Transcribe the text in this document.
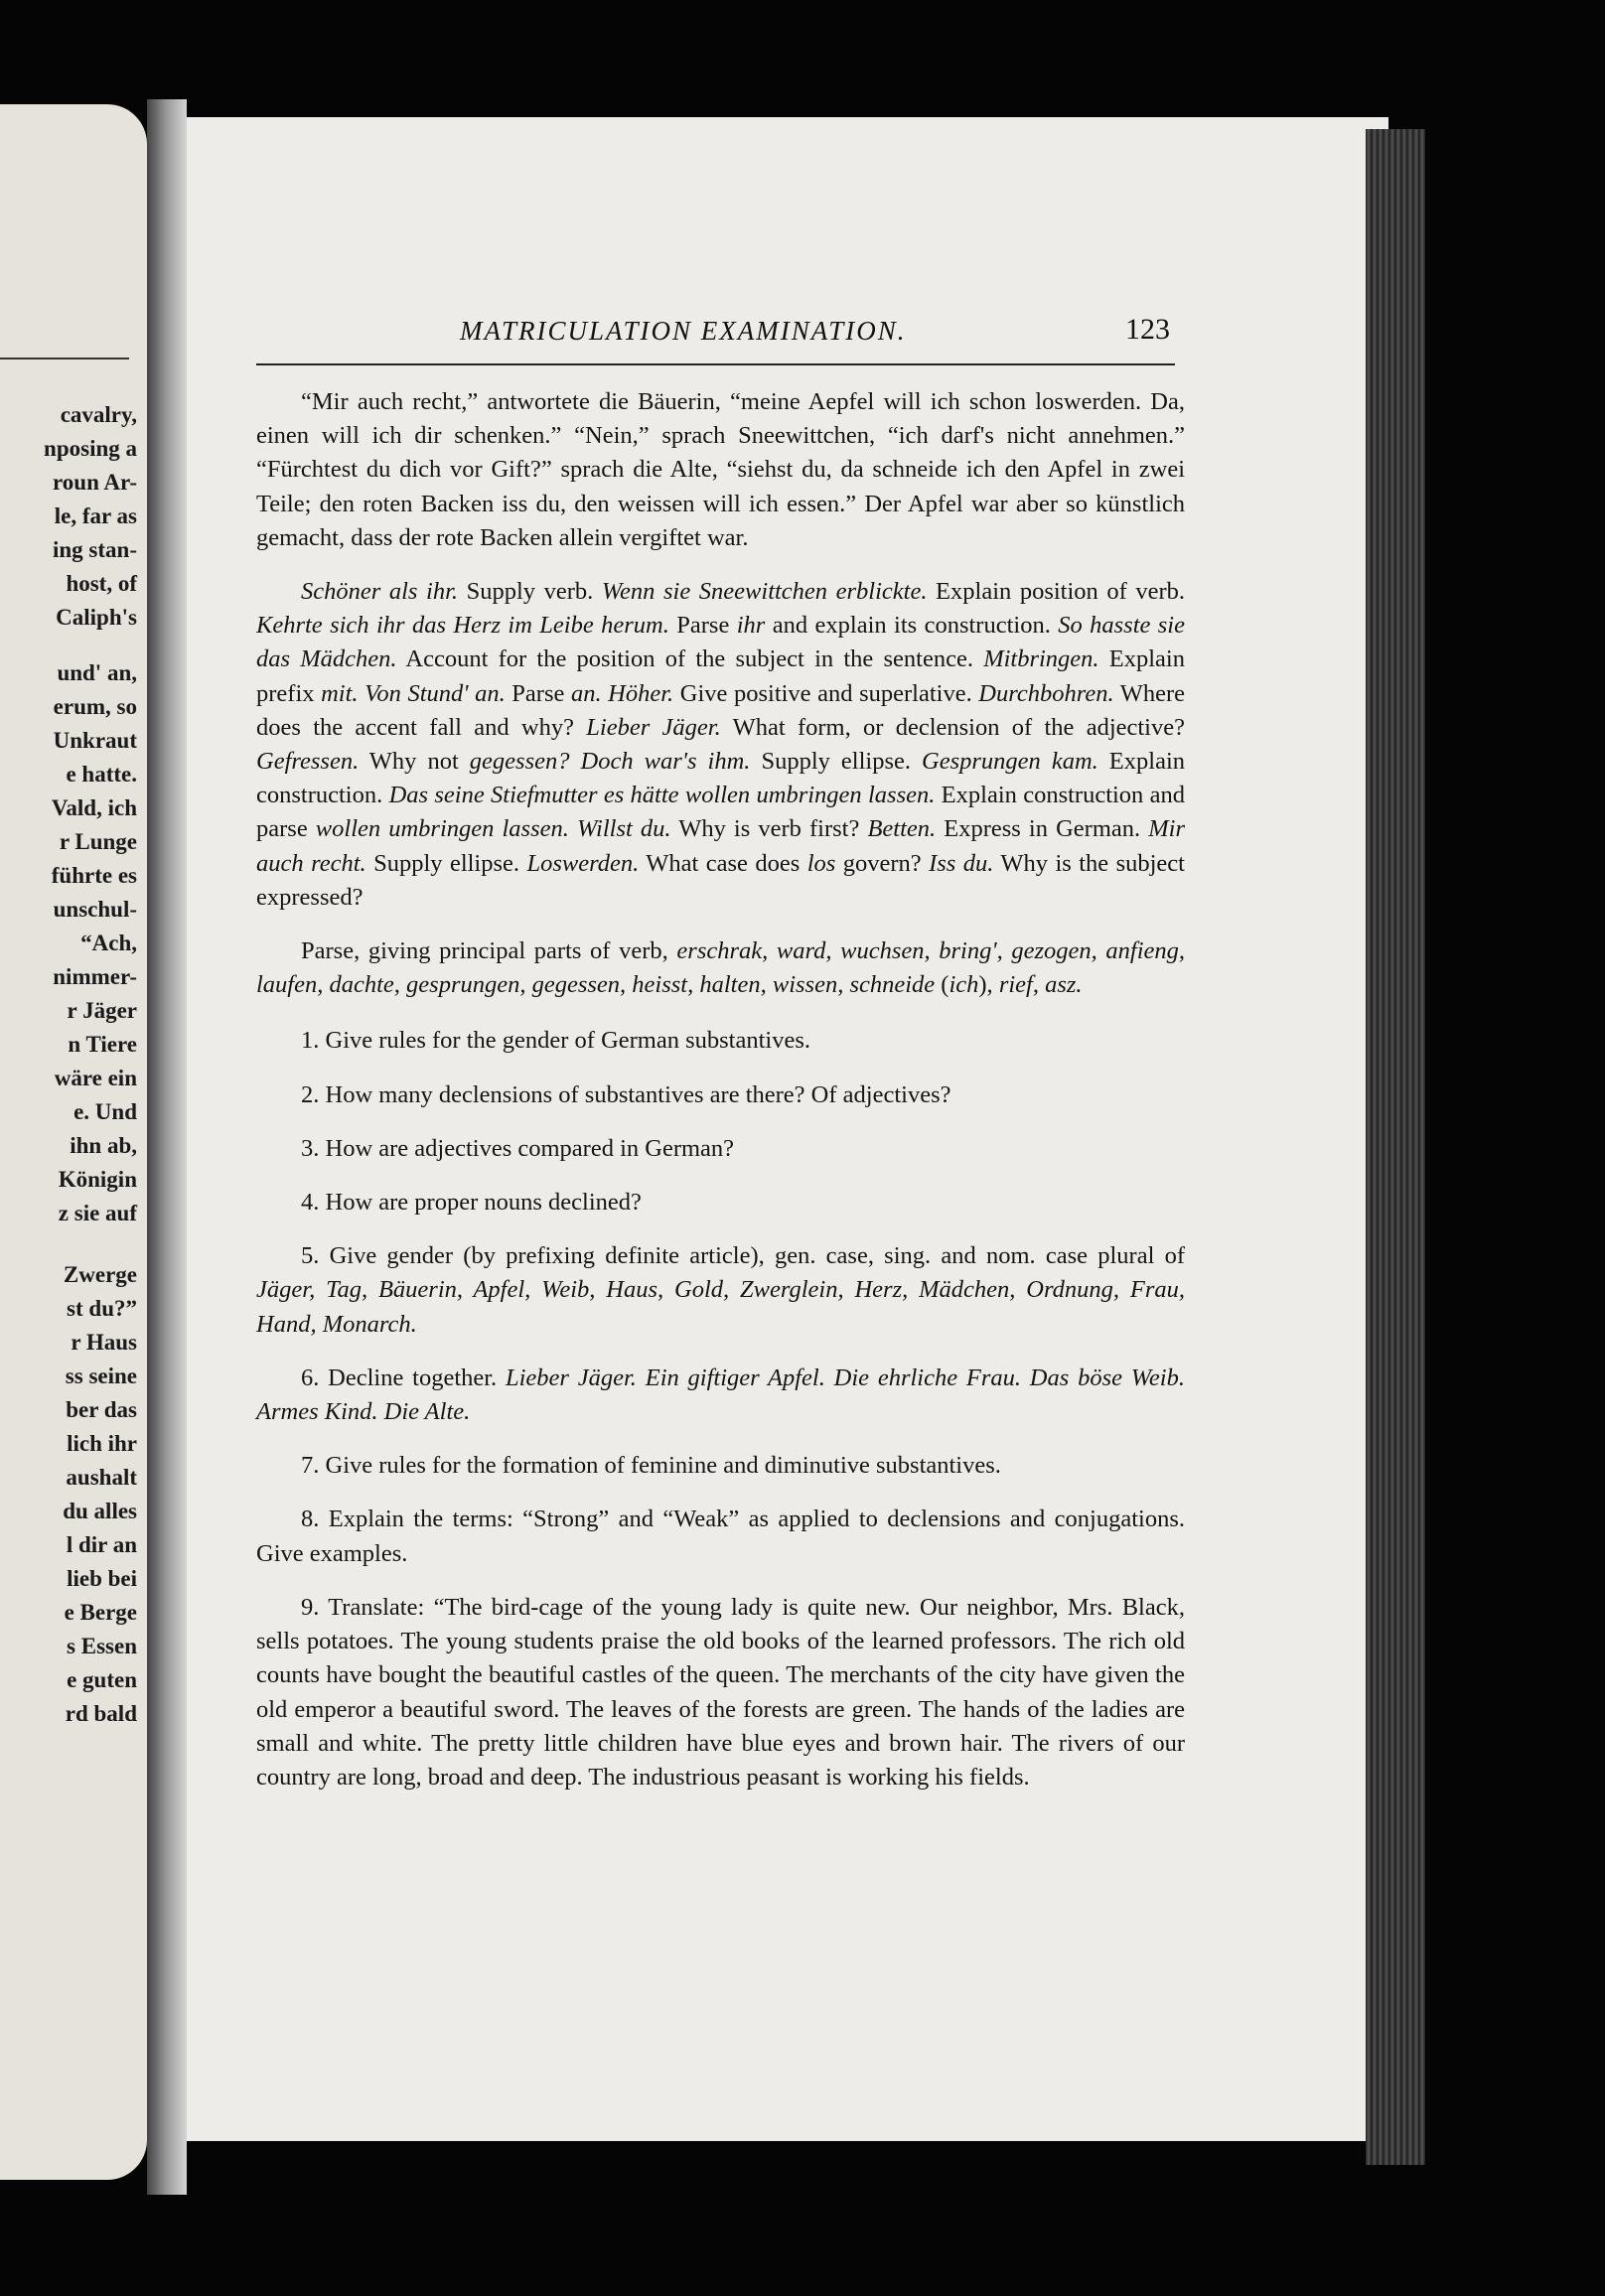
cavalry,
nposing a
roun Ar-
le, far as
ing stan-
host, of
Caliph's
und' an,
erum, so
Unkraut
e hatte.
Vald, ich
r Lunge
führte es
unschul-
“Ach,
nimmer-
r Jäger
n Tiere
wäre ein
e. Und
ihn ab,
Königin
z sie auf
Zwerge
st du?”
r Haus
ss seine
ber das
lich ihr
aushalt
du alles
l dir an
lieb bei
e Berge
s Essen
e guten
rd bald
MATRICULATION EXAMINATION.	123

“Mir auch recht,” antwortete die Bäuerin, “meine Aepfel will ich schon loswerden. Da, einen will ich dir schenken.” “Nein,” sprach Sneewittchen, “ich darf's nicht annehmen.” “Fürchtest du dich vor Gift?” sprach die Alte, “siehst du, da schneide ich den Apfel in zwei Teile; den roten Backen iss du, den weissen will ich essen.” Der Apfel war aber so künstlich gemacht, dass der rote Backen allein vergiftet war.

Schöner als ihr. Supply verb. Wenn sie Sneewittchen erblickte. Explain position of verb. Kehrte sich ihr das Herz im Leibe herum. Parse ihr and explain its construction. So hasste sie das Mädchen. Account for the position of the subject in the sentence. Mitbringen. Explain prefix mit. Von Stund' an. Parse an. Höher. Give positive and superlative. Durchbohren. Where does the accent fall and why? Lieber Jäger. What form, or declension of the adjective? Gefressen. Why not gegessen? Doch war's ihm. Supply ellipse. Gesprungen kam. Explain construction. Das seine Stiefmutter es hätte wollen umbringen lassen. Explain construction and parse wollen umbringen lassen. Willst du. Why is verb first? Betten. Express in German. Mir auch recht. Supply ellipse. Loswerden. What case does los govern? Iss du. Why is the subject expressed?

Parse, giving principal parts of verb, erschrak, ward, wuchsen, bring', gezogen, anfieng, laufen, dachte, gesprungen, gegessen, heisst, halten, wissen, schneide (ich), rief, asz.

1. Give rules for the gender of German substantives.

2. How many declensions of substantives are there? Of adjectives?

3. How are adjectives compared in German?

4. How are proper nouns declined?

5. Give gender (by prefixing definite article), gen. case, sing. and nom. case plural of Jäger, Tag, Bäuerin, Apfel, Weib, Haus, Gold, Zwerglein, Herz, Mädchen, Ordnung, Frau, Hand, Monarch.

6. Decline together. Lieber Jäger. Ein giftiger Apfel. Die ehrliche Frau. Das böse Weib. Armes Kind. Die Alte.

7. Give rules for the formation of feminine and diminutive substantives.

8. Explain the terms: “Strong” and “Weak” as applied to declensions and conjugations. Give examples.

9. Translate: “The bird-cage of the young lady is quite new. Our neighbor, Mrs. Black, sells potatoes. The young students praise the old books of the learned professors. The rich old counts have bought the beautiful castles of the queen. The merchants of the city have given the old emperor a beautiful sword. The leaves of the forests are green. The hands of the ladies are small and white. The pretty little children have blue eyes and brown hair. The rivers of our country are long, broad and deep. The industrious peasant is working his fields.
